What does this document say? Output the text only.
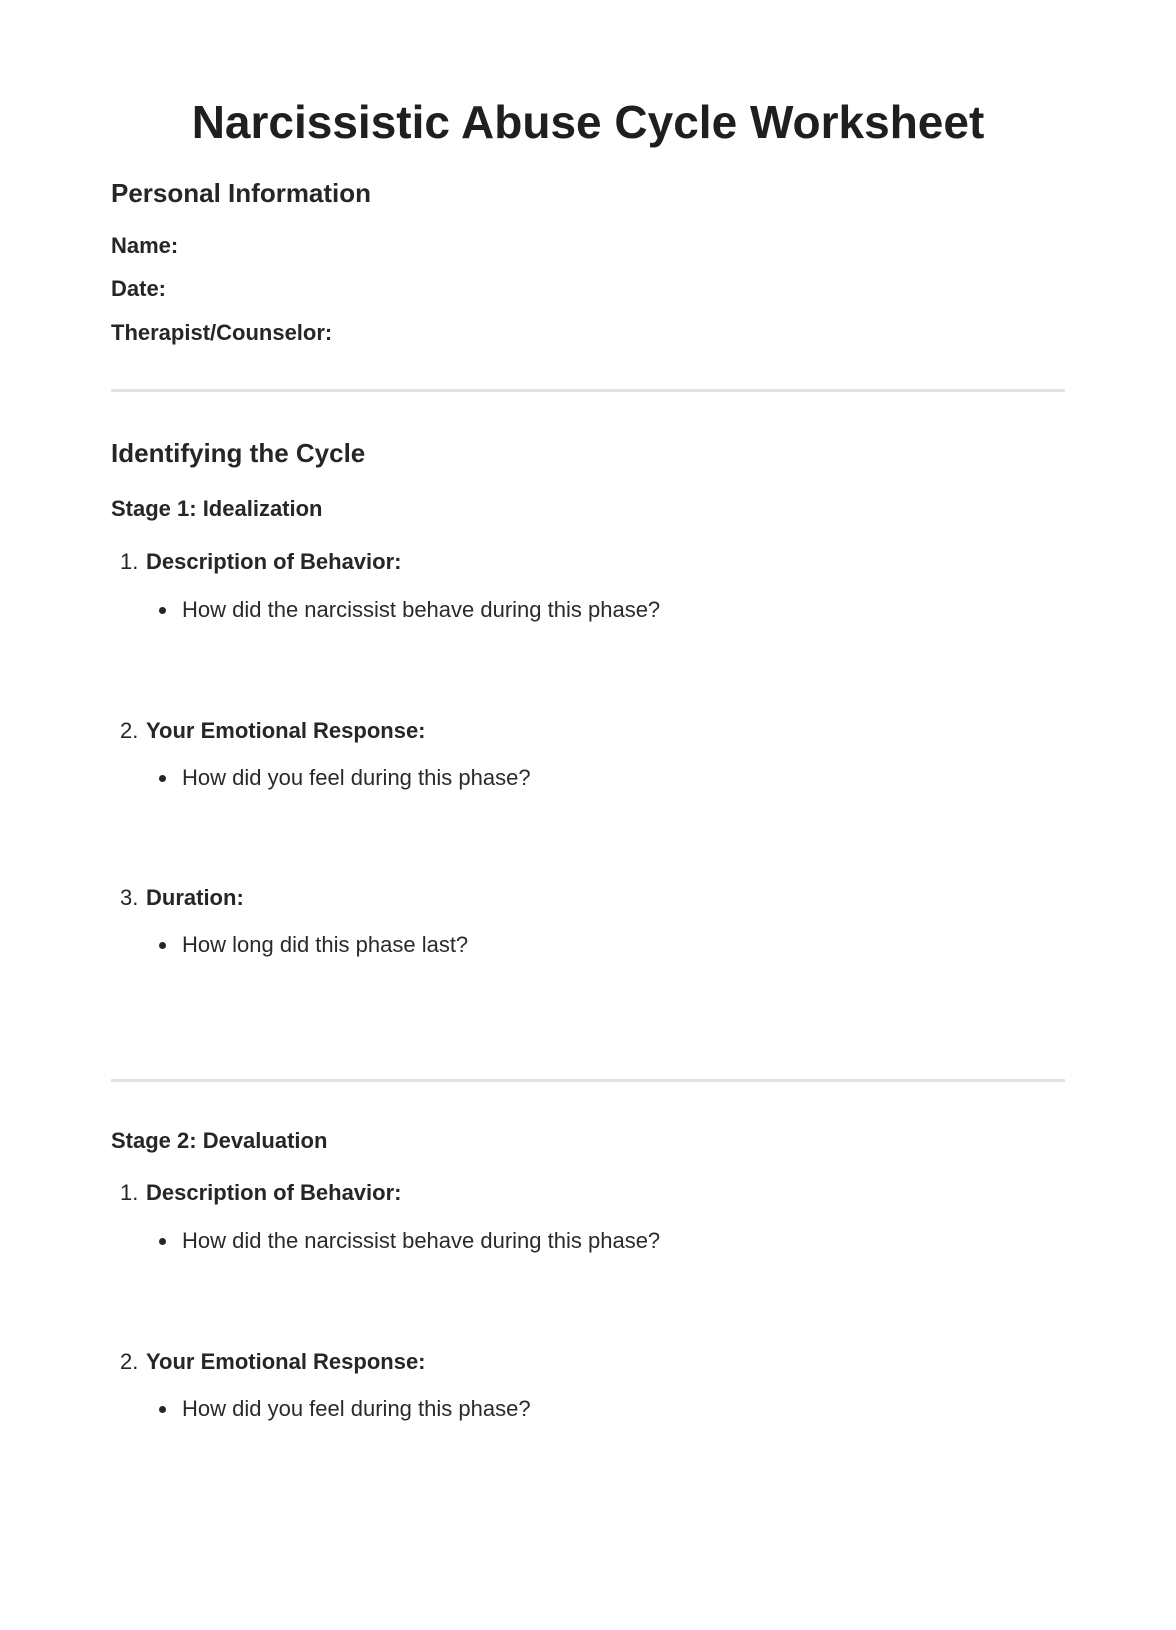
Narcissistic Abuse Cycle Worksheet
Personal Information
Name:
Date:
Therapist/Counselor:
Identifying the Cycle
Stage 1: Idealization
1. Description of Behavior:
How did the narcissist behave during this phase?
2. Your Emotional Response:
How did you feel during this phase?
3. Duration:
How long did this phase last?
Stage 2: Devaluation
1. Description of Behavior:
How did the narcissist behave during this phase?
2. Your Emotional Response:
How did you feel during this phase?
